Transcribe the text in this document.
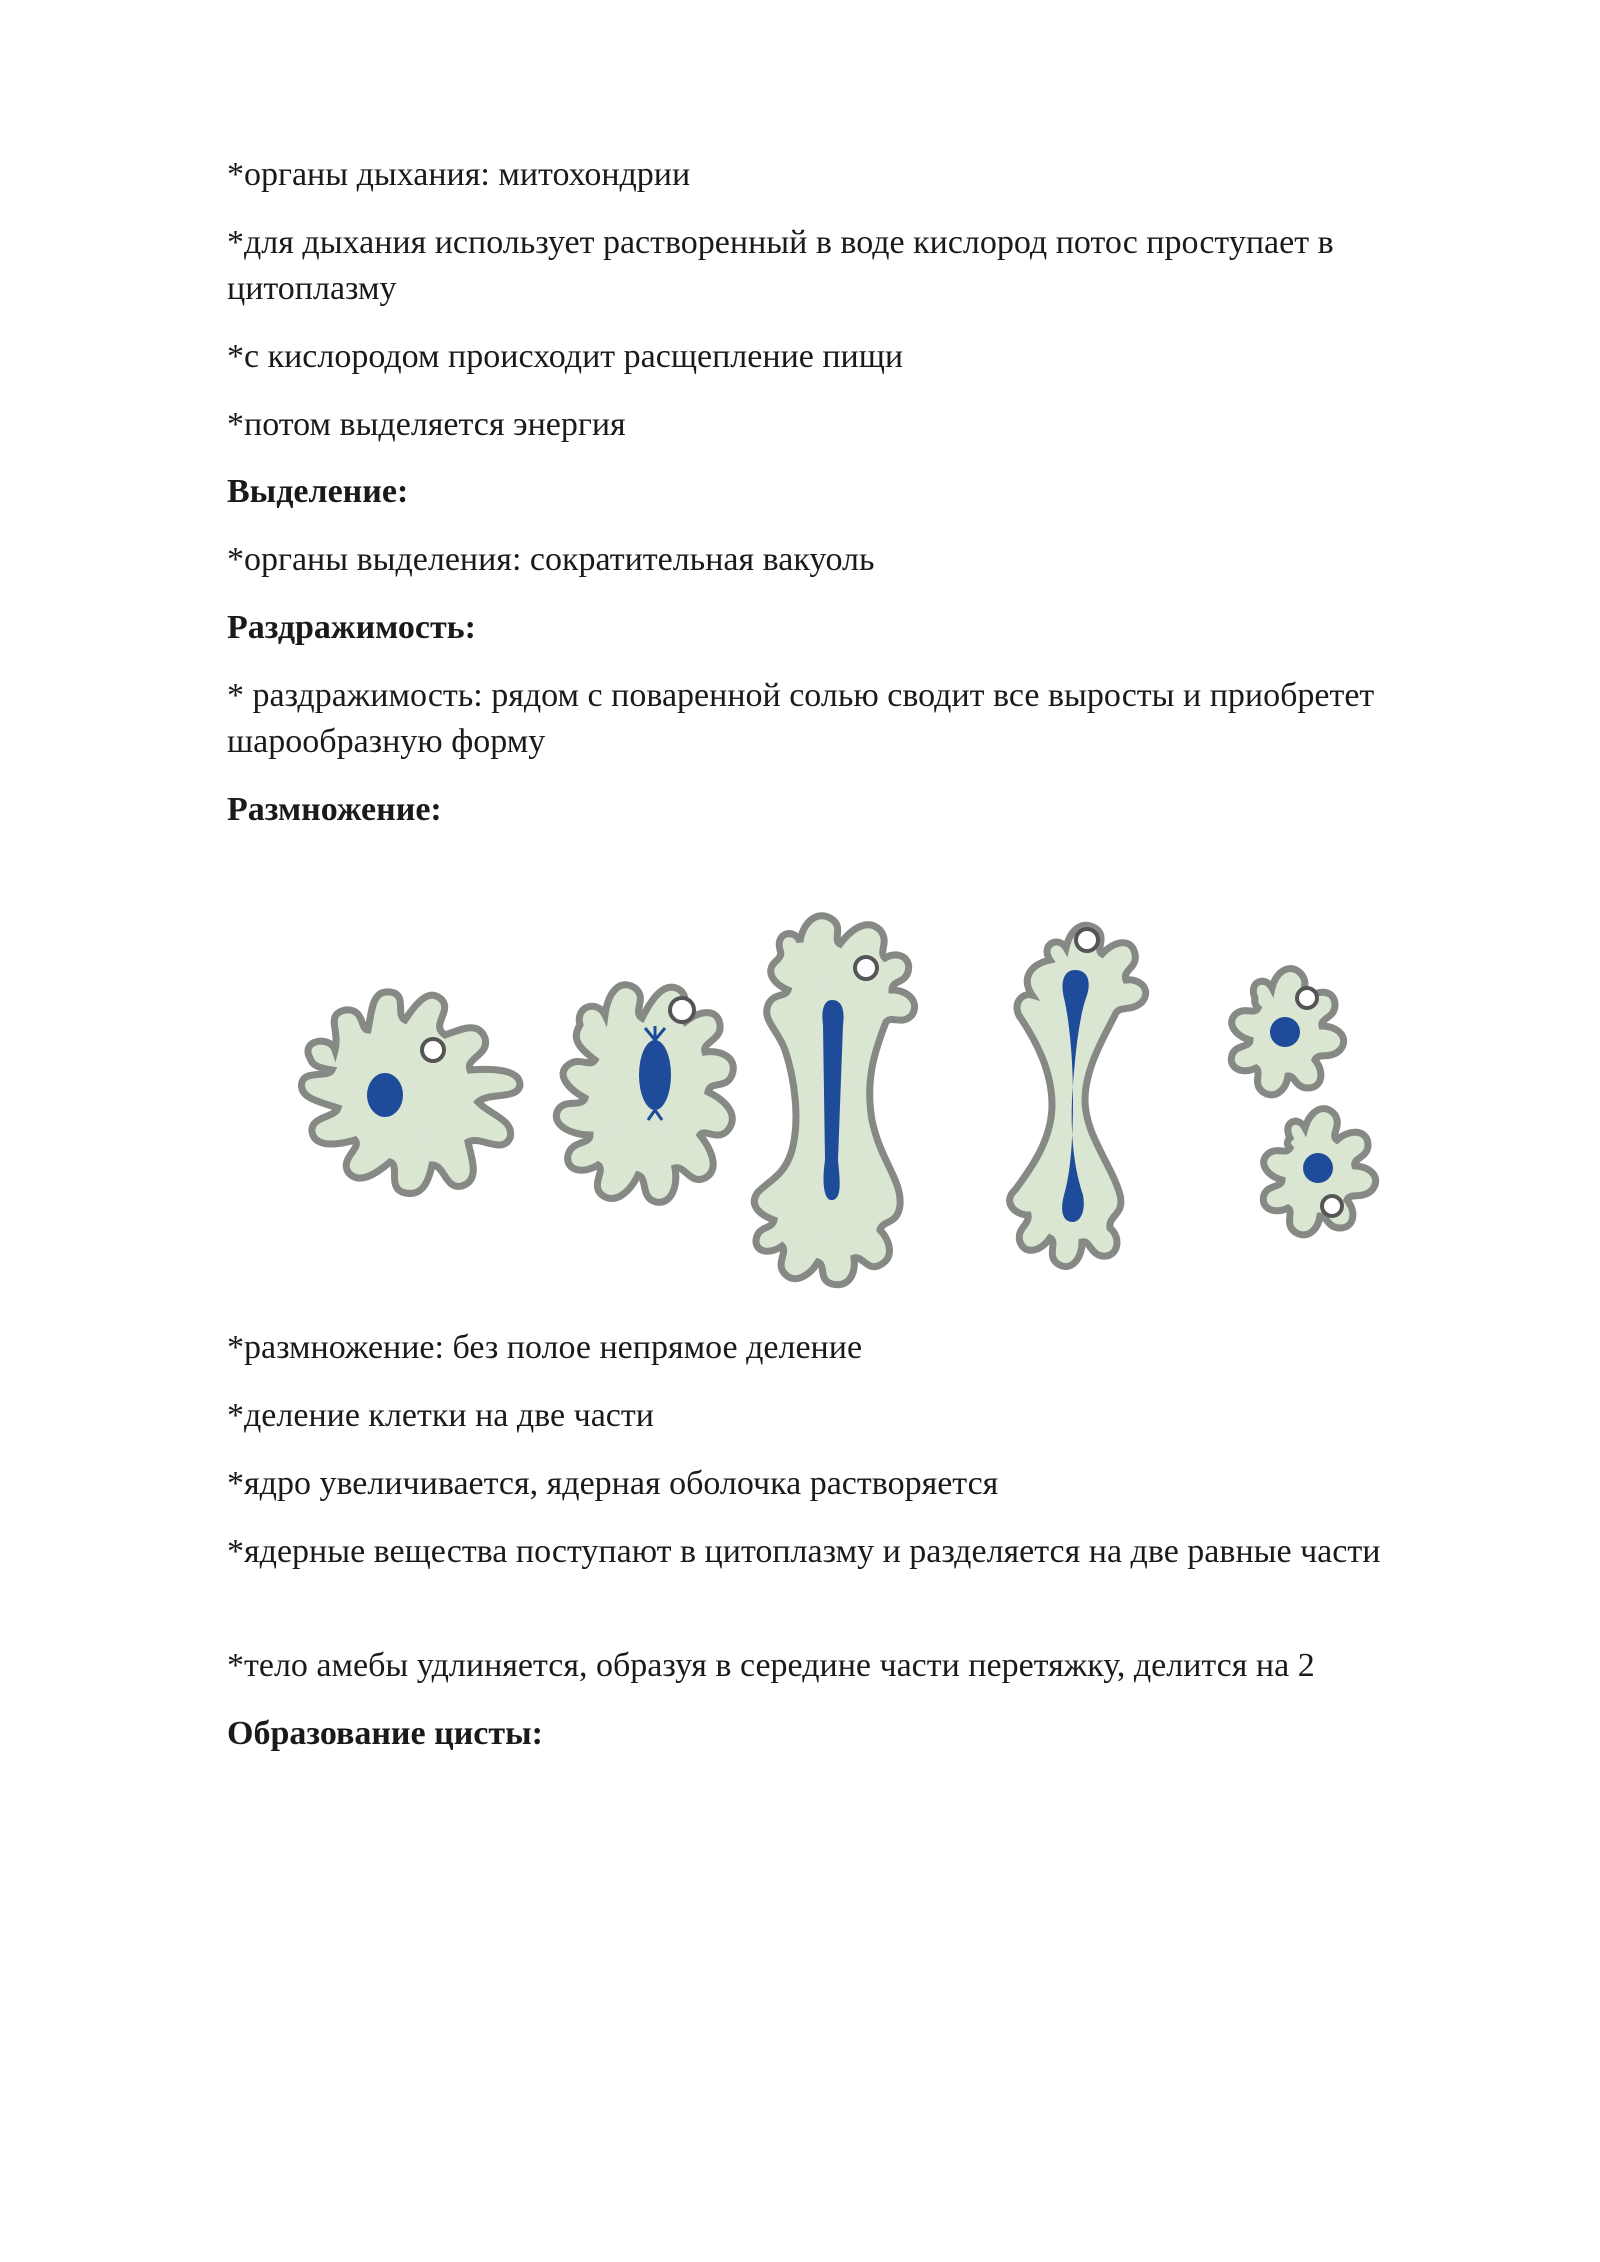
*органы дыхания: митохондрии
*для дыхания использует растворенный в воде кислород потос проступает в цитоплазму
*с кислородом происходит расщепление пищи
*потом выделяется энергия
Выделение:
*органы выделения: сократительная вакуоль
Раздражимость:
* раздражимость: рядом с поваренной солью сводит все выросты и приобретет шарообразную форму
Размножение:
*размножение: без полое непрямое деление
*деление клетки на две части
*ядро увеличивается, ядерная оболочка растворяется
*ядерные вещества поступают в цитоплазму и разделяется на две равные части
*тело амебы удлиняется, образуя в середине части перетяжку, делится на 2
Образование цисты:
